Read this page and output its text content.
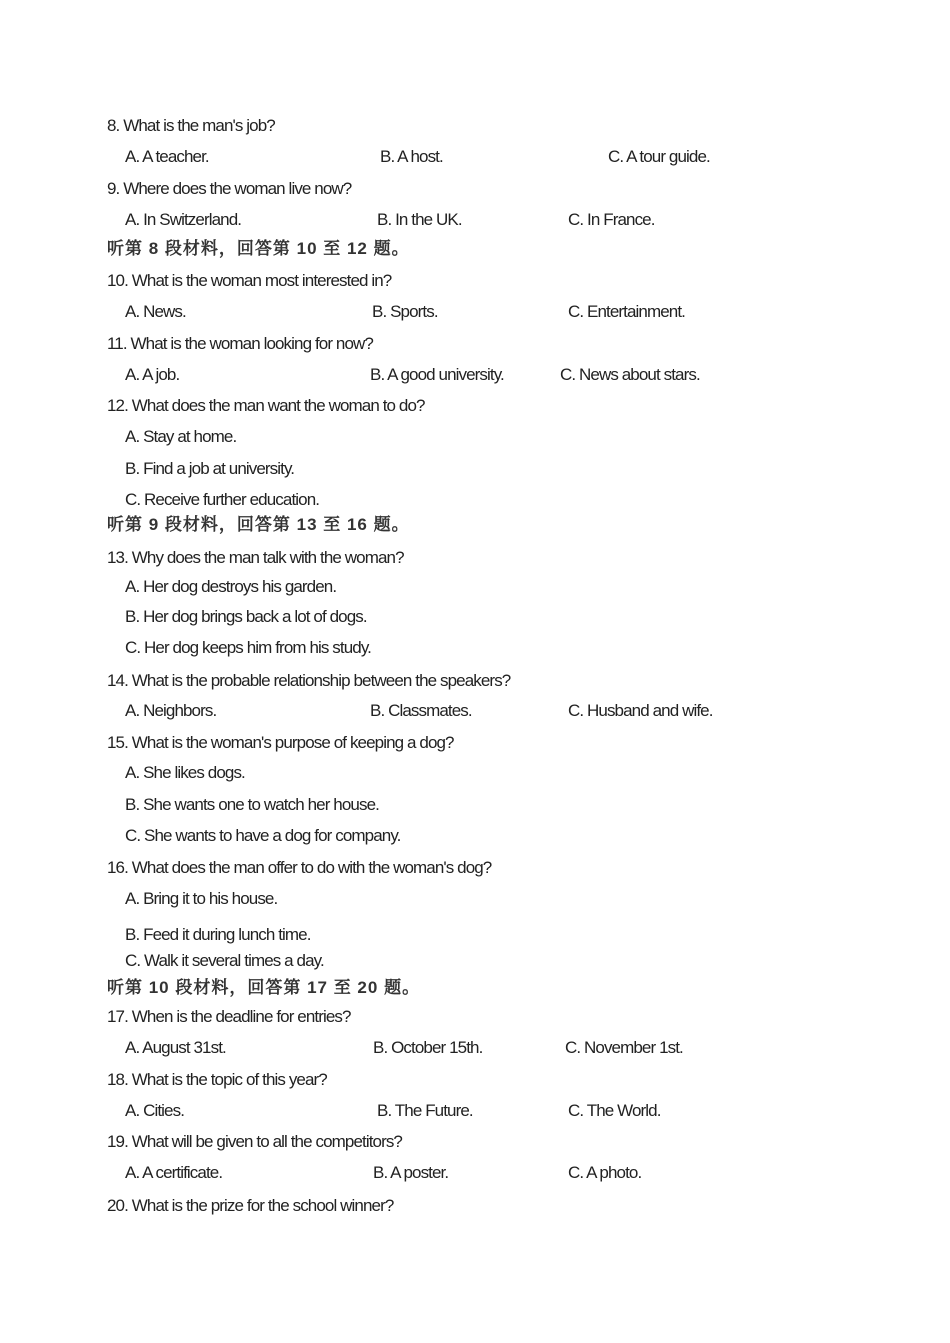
8. What is the man's job?
A. A teacher.	B. A host.	C. A tour guide.
9. Where does the woman live now?
A. In Switzerland.	B. In the UK.	C. In France.
听第 8 段材料，回答第 10 至 12 题。
10. What is the woman most interested in?
A. News.	B. Sports.	C. Entertainment.
11. What is the woman looking for now?
A. A job.	B. A good university.	C. News about stars.
12. What does the man want the woman to do?
A. Stay at home.
B. Find a job at university.
C. Receive further education.
听第 9 段材料，回答第 13 至 16 题。
13. Why does the man talk with the woman?
A. Her dog destroys his garden.
B. Her dog brings back a lot of dogs.
C. Her dog keeps him from his study.
14. What is the probable relationship between the speakers?
A. Neighbors.	B. Classmates.	C. Husband and wife.
15. What is the woman's purpose of keeping a dog?
A. She likes dogs.
B. She wants one to watch her house.
C. She wants to have a dog for company.
16. What does the man offer to do with the woman's dog?
A. Bring it to his house.
B. Feed it during lunch time.
C. Walk it several times a day.
听第 10 段材料，回答第 17 至 20 题。
17. When is the deadline for entries?
A. August 31st.	B. October 15th.	C. November 1st.
18. What is the topic of this year?
A. Cities.	B. The Future.	C. The World.
19. What will be given to all the competitors?
A. A certificate.	B. A poster.	C. A photo.
20. What is the prize for the school winner?
